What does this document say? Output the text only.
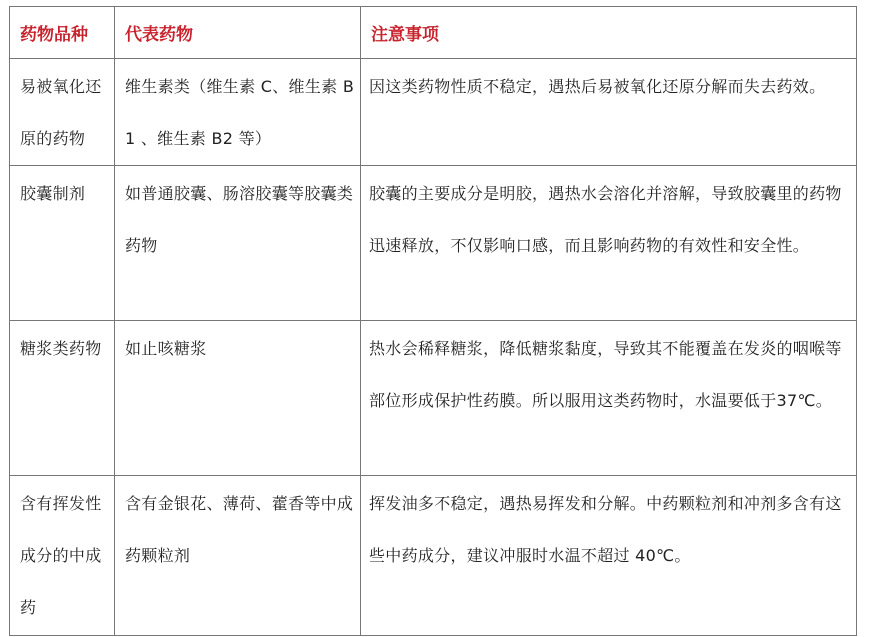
药物品种	代表药物	注意事项

易被氧化还原的药物	维生素类（维生素 C、维生素 B1 、维生素 B2 等）	因这类药物性质不稳定，遇热后易被氧化还原分解而失去药效。

胶囊制剂	如普通胶囊、肠溶胶囊等胶囊类药物	胶囊的主要成分是明胶，遇热水会溶化并溶解，导致胶囊里的药物迅速释放，不仅影响口感，而且影响药物的有效性和安全性。

糖浆类药物	如止咳糖浆	热水会稀释糖浆，降低糖浆黏度，导致其不能覆盖在发炎的咽喉等部位形成保护性药膜。所以服用这类药物时，水温要低于37℃。

含有挥发性成分的中成药	含有金银花、薄荷、藿香等中成药颗粒剂	挥发油多不稳定，遇热易挥发和分解。中药颗粒剂和冲剂多含有这些中药成分，建议冲服时水温不超过 40℃。
